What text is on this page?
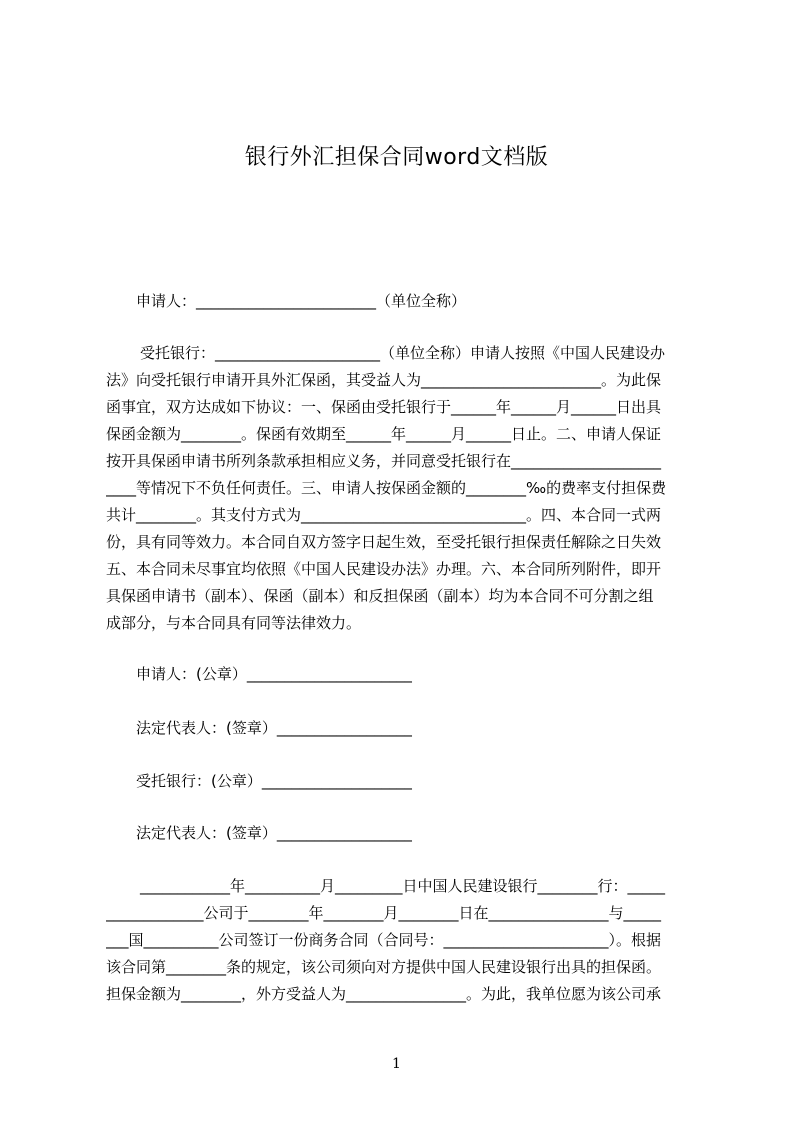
银行外汇担保合同word文档版
申请人：________________________（单位全称）
受托银行：______________________（单位全称）申请人按照《中国人民建设办
法》向受托银行申请开具外汇保函，其受益人为________________________。为此保
函事宜，双方达成如下协议：一、保函由受托银行于______年______月______日出具
保函金额为________。保函有效期至______年______月______日止。二、申请人保证
按开具保函申请书所列条款承担相应义务，并同意受托银行在____________________
____等情况下不负任何责任。三、申请人按保函金额的________‰的费率支付担保费
共计________。其支付方式为______________________________。四、本合同一式两
份，具有同等效力。本合同自双方签字日起生效，至受托银行担保责任解除之日失效
五、本合同未尽事宜均依照《中国人民建设办法》办理。六、本合同所列附件，即开
具保函申请书（副本）、保函（副本）和反担保函（副本）均为本合同不可分割之组
成部分，与本合同具有同等法律效力。
申请人：(公章）______________________
法定代表人：(签章）__________________
受托银行：(公章）____________________
法定代表人：(签章）__________________
____________年__________月_________日中国人民建设银行________行：_____
_____________公司于________年________月________日在________________与_____
___国__________公司签订一份商务合同（合同号：______________________）。根据
该合同第________条的规定，该公司须向对方提供中国人民建设银行出具的担保函。
担保金额为________，外方受益人为________________。为此，我单位愿为该公司承
1
